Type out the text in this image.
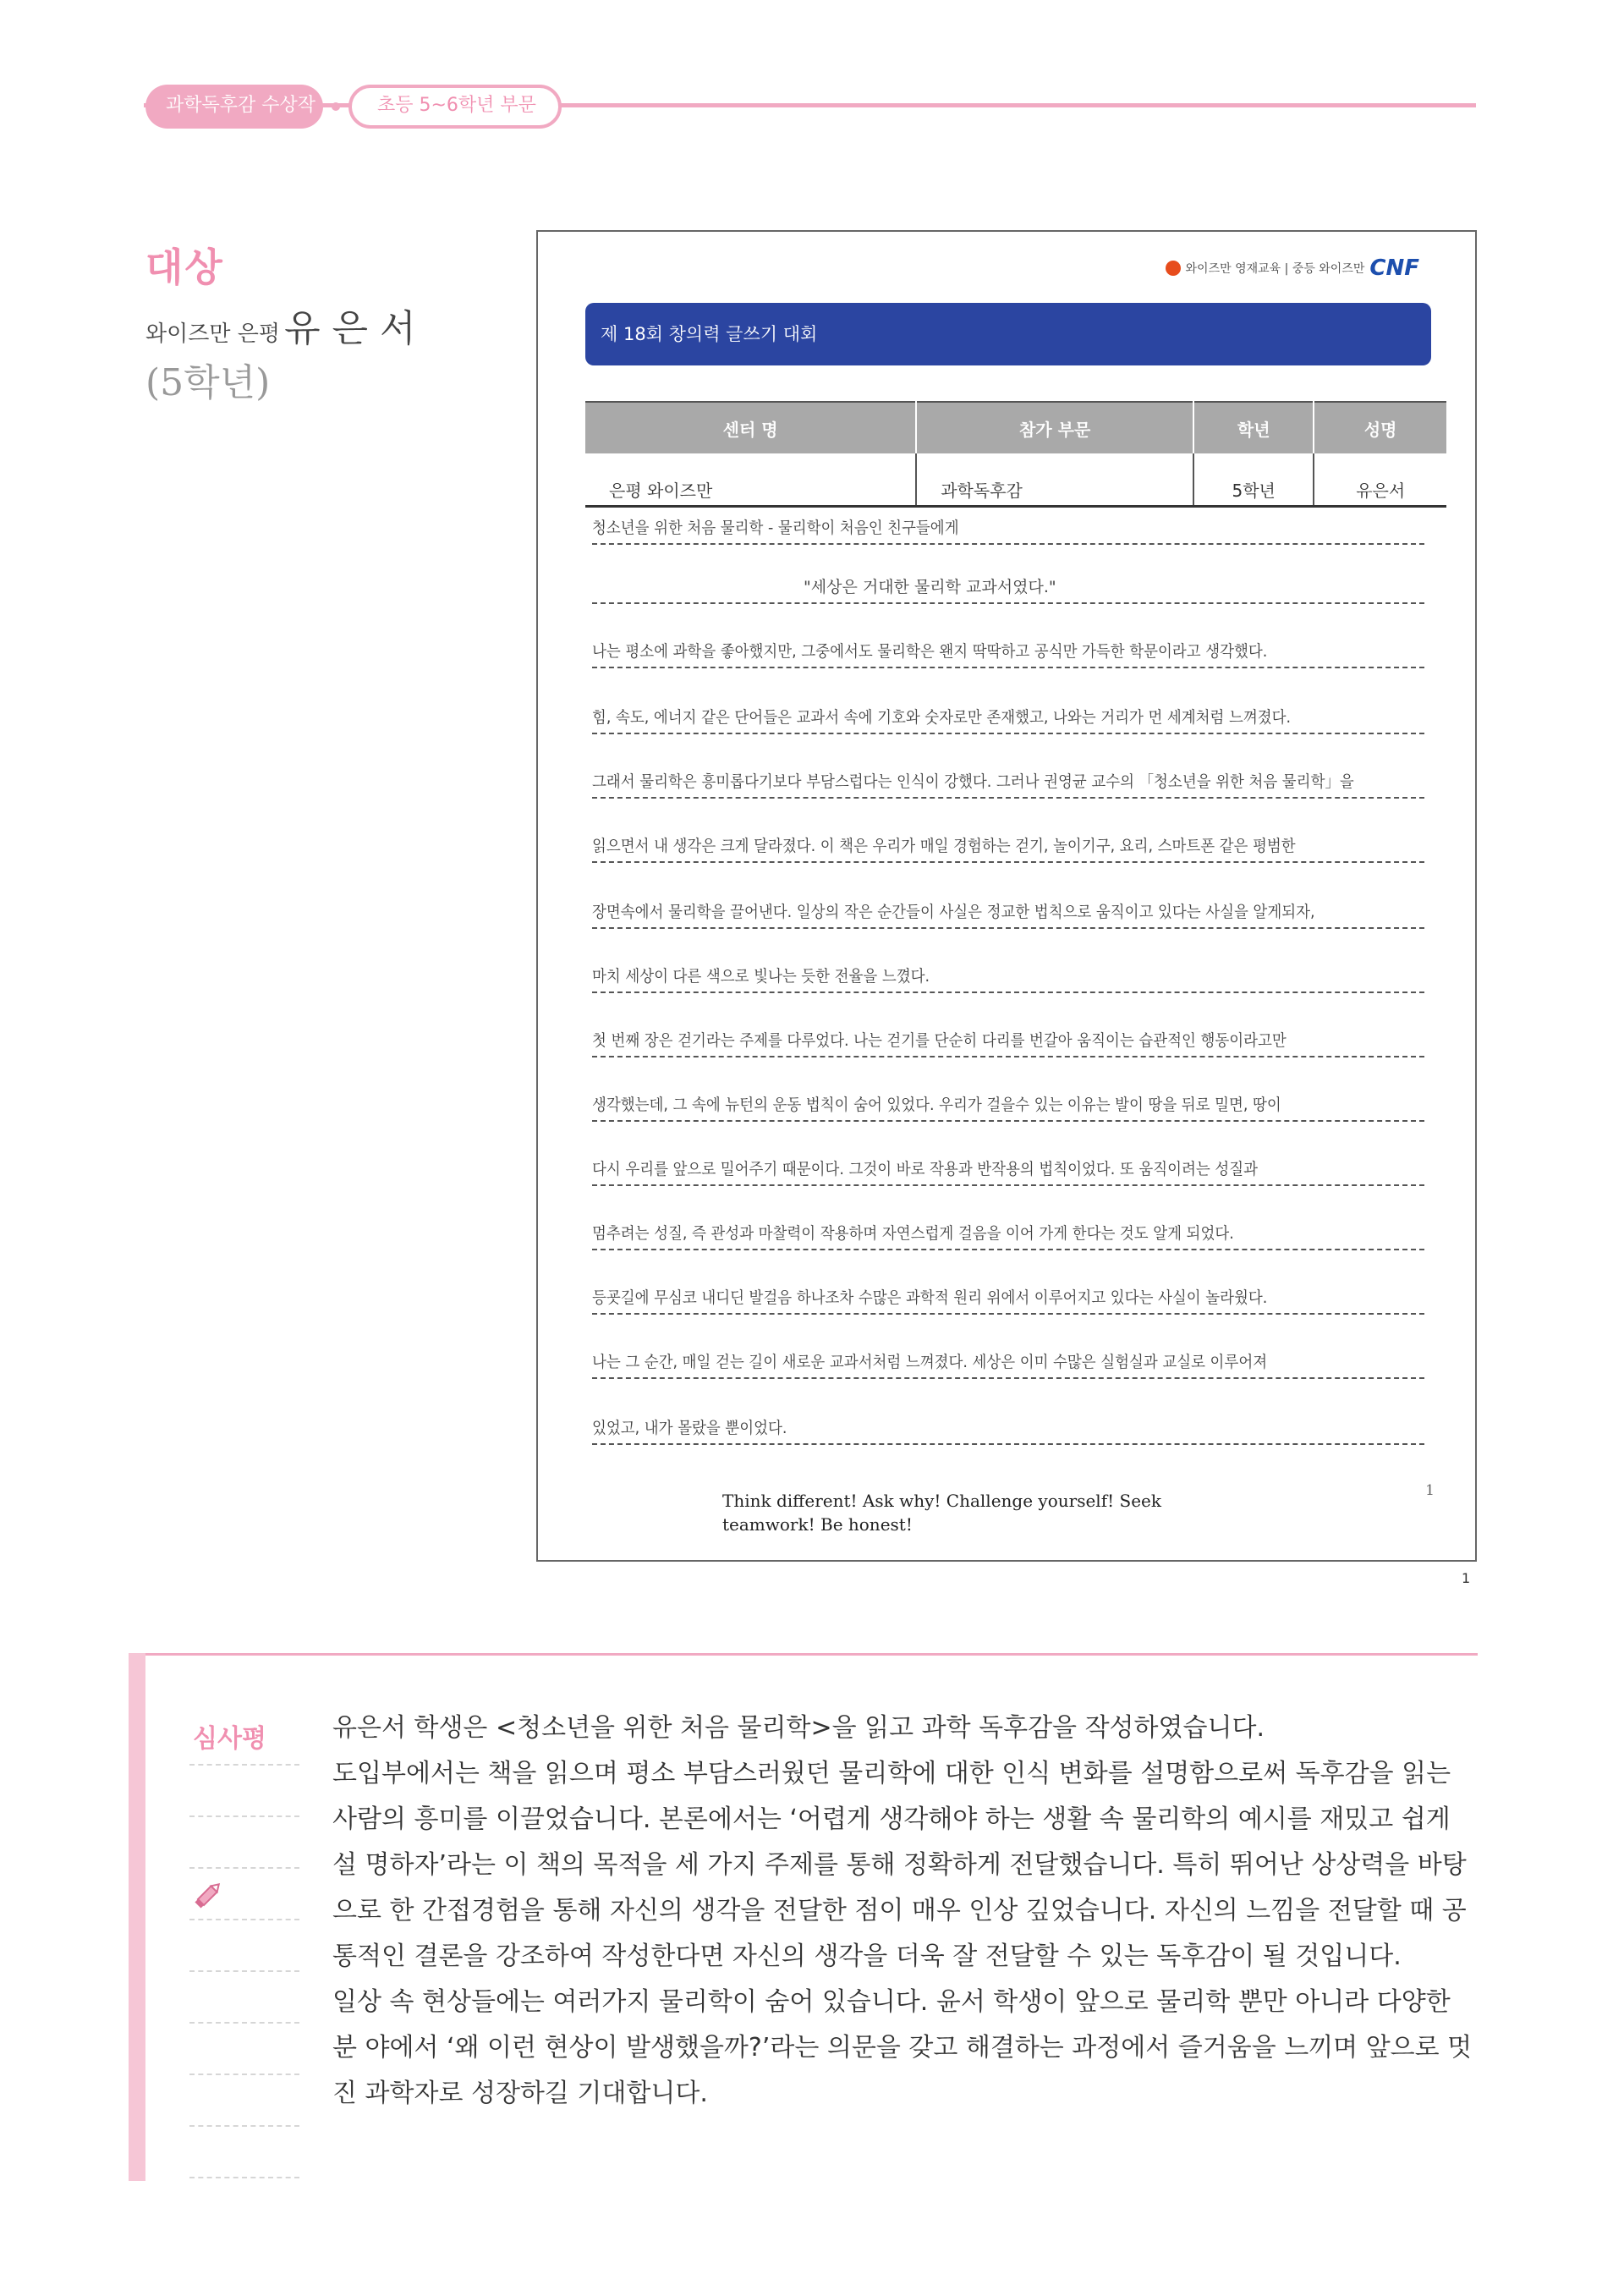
과학독후감 수상작	초등 5~6학년 부문
대상
와이즈만 은평 유 은 서 (5학년)
와이즈만 영재교육 | 중등 와이즈만 CNF
제 18회 창의력 글쓰기 대회
센터 명	참가 부문	학년	성명
은평 와이즈만	과학독후감	5학년	유은서
청소년을 위한 처음 물리학 - 물리학이 처음인 친구들에게
"세상은 거대한 물리학 교과서였다."
나는 평소에 과학을 좋아했지만, 그중에서도 물리학은 왠지 딱딱하고 공식만 가득한 학문이라고 생각했다.
힘, 속도, 에너지 같은 단어들은 교과서 속에 기호와 숫자로만 존재했고, 나와는 거리가 먼 세계처럼 느껴졌다.
그래서 물리학은 흥미롭다기보다 부담스럽다는 인식이 강했다. 그러나 권영균 교수의 「청소년을 위한 처음 물리학」을
읽으면서 내 생각은 크게 달라졌다. 이 책은 우리가 매일 경험하는 걷기, 놀이기구, 요리, 스마트폰 같은 평범한
장면속에서 물리학을 끌어낸다. 일상의 작은 순간들이 사실은 정교한 법칙으로 움직이고 있다는 사실을 알게되자,
마치 세상이 다른 색으로 빛나는 듯한 전율을 느꼈다.
첫 번째 장은 걷기라는 주제를 다루었다. 나는 걷기를 단순히 다리를 번갈아 움직이는 습관적인 행동이라고만
생각했는데, 그 속에 뉴턴의 운동 법칙이 숨어 있었다. 우리가 걸을수 있는 이유는 발이 땅을 뒤로 밀면, 땅이
다시 우리를 앞으로 밀어주기 때문이다. 그것이 바로 작용과 반작용의 법칙이었다. 또 움직이려는 성질과
멈추려는 성질, 즉 관성과 마찰력이 작용하며 자연스럽게 걸음을 이어 가게 한다는 것도 알게 되었다.
등굣길에 무심코 내디딘 발걸음 하나조차 수많은 과학적 원리 위에서 이루어지고 있다는 사실이 놀라웠다.
나는 그 순간, 매일 걷는 길이 새로운 교과서처럼 느껴졌다. 세상은 이미 수많은 실험실과 교실로 이루어져
있었고, 내가 몰랐을 뿐이었다.
Think different! Ask why! Challenge yourself! Seek teamwork! Be honest!
1
1
심사평	유은서 학생은 <청소년을 위한 처음 물리학>을 읽고 과학 독후감을 작성하였습니다.

도입부에서는 책을 읽으며 평소 부담스러웠던 물리학에 대한 인식 변화를 설명함으로써 독후감을 읽는 사람의 흥미를 이끌었습니다. 본론에서는 ‘어렵게 생각해야 하는 생활 속 물리학의 예시를 재밌고 쉽게 설 명하자’라는 이 책의 목적을 세 가지 주제를 통해 정확하게 전달했습니다. 특히 뛰어난 상상력을 바탕으로 한 간접경험을 통해 자신의 생각을 전달한 점이 매우 인상 깊었습니다. 자신의 느낌을 전달할 때 공통적인 결론을 강조하여 작성한다면 자신의 생각을 더욱 잘 전달할 수 있는 독후감이 될 것입니다.

일상 속 현상들에는 여러가지 물리학이 숨어 있습니다. 윤서 학생이 앞으로 물리학 뿐만 아니라 다양한 분 야에서 ‘왜 이런 현상이 발생했을까?’라는 의문을 갖고 해결하는 과정에서 즐거움을 느끼며 앞으로 멋진 과학자로 성장하길 기대합니다.
